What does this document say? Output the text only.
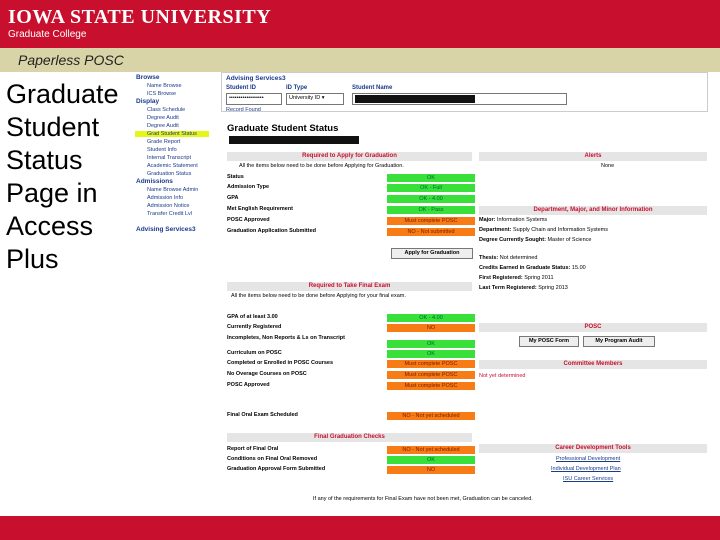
IOWA STATE UNIVERSITY
Graduate College
Paperless POSC
Graduate Student Status Page in Access Plus
Browse
Name Browse
ICS Browse
Display
Class Schedule
Degree Audit
Degree Audit
Grad Student Status
Grade Report
Student Info
Internal Transcript
Academic Statement
Graduation Status
Admissions
Name Browse Admin
Admission Info
Admission Notice
Transfer Credit Lvl
Advising Services3
Advising Services3
Student ID	ID Type	Student Name
••••••••••••••••••	University ID ▾
Record Found
Graduate Student Status
Required to Apply for Graduation
All the items below need to be done before Applying for Graduation.
Status	OK
Admission Type	OK - Full
GPA	OK - 4.00
Met English Requirement	OK - Pass
POSC Approved	Must complete POSC
Graduation Application Submitted	NO - Not submitted
Apply for Graduation
Alerts
None
Department, Major, and Minor Information
Major: Information Systems
Department: Supply Chain and Information Systems
Degree Currently Sought: Master of Science
Thesis: Not determined
Credits Earned in Graduate Status: 15.00
First Registered: Spring 2011
Last Term Registered: Spring 2013
Required to Take Final Exam
All the items below need to be done before Applying for your final exam.
GPA of at least 3.00	OK - 4.00
Currently Registered	NO
Incompletes, Non Reports & Ls on Transcript
OK
Curriculum on POSC	OK
Completed or Enrolled in POSC Courses	Must complete POSC
No Overage Courses on POSC	Must complete POSC
POSC Approved	Must complete POSC
Final Oral Exam Scheduled	NO - Not yet scheduled
POSC
My POSC Form	My Program Audit
Committee Members
Not yet determined
Final Graduation Checks
Report of Final Oral	NO - Not yet scheduled
Conditions on Final Oral Removed	OK
Graduation Approval Form Submitted	NO
Career Development Tools
Professional Development
Individual Development Plan
ISU Career Services
If any of the requirements for Final Exam have not been met, Graduation can be canceled.
